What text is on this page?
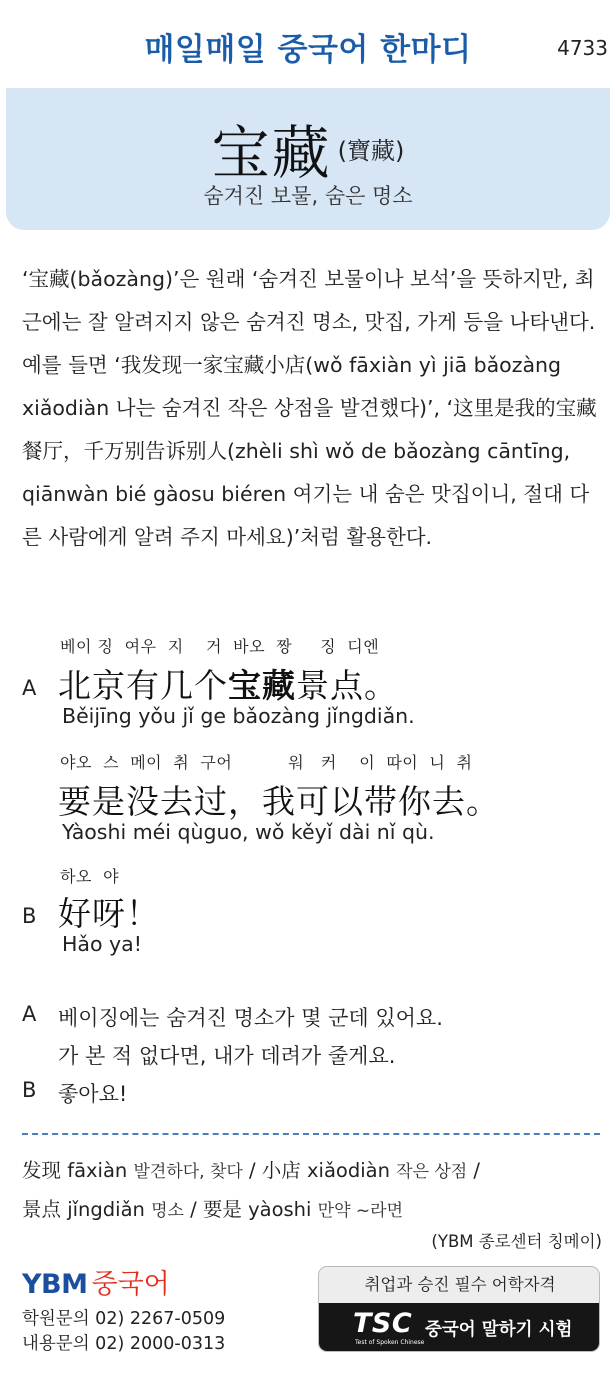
매일매일 중국어 한마디	4733
宝藏 (寶藏)
숨겨진 보물, 숨은 명소

‘宝藏(bǎozàng)’은 원래 ‘숨겨진 보물이나 보석’을 뜻하지만, 최근에는 잘 알려지지 않은 숨겨진 명소, 맛집, 가게 등을 나타낸다. 예를 들면 ‘我发现一家宝藏小店(wǒ fāxiàn yì jiā bǎozàng xiǎodiàn 나는 숨겨진 작은 상점을 발견했다)’, ‘这里是我的宝藏餐厅，千万别告诉别人(zhèli shì wǒ de bǎozàng cāntīng, qiānwàn bié gàosu biéren 여기는 내 숨은 맛집이니, 절대 다른 사람에게 알려 주지 마세요)’처럼 활용한다.

베이 징  여우  지    거  바오  짱     징  디엔
A 北京有几个宝藏景点。
Běijīng yǒu jǐ ge bǎozàng jǐngdiǎn.
야오  스  메이  취  구어          워   커    이  따이  니  취
要是没去过，我可以带你去。
Yàoshi méi qùguo, wǒ kěyǐ dài nǐ qù.
하오  야
B 好呀！
Hǎo ya!
A 베이징에는 숨겨진 명소가 몇 군데 있어요.
가 본 적 없다면, 내가 데려가 줄게요.
B 좋아요!
发现 fāxiàn 발견하다, 찾다 / 小店 xiǎodiàn 작은 상점 /
景点 jǐngdiǎn 명소 / 要是 yàoshi 만약 ~라면
(YBM 종로센터 칭메이)
YBM 중국어
학원문의 02) 2267-0509
내용문의 02) 2000-0313
취업과 승진 필수 어학자격
TSC
Test of Spoken Chinese
중국어 말하기 시험
